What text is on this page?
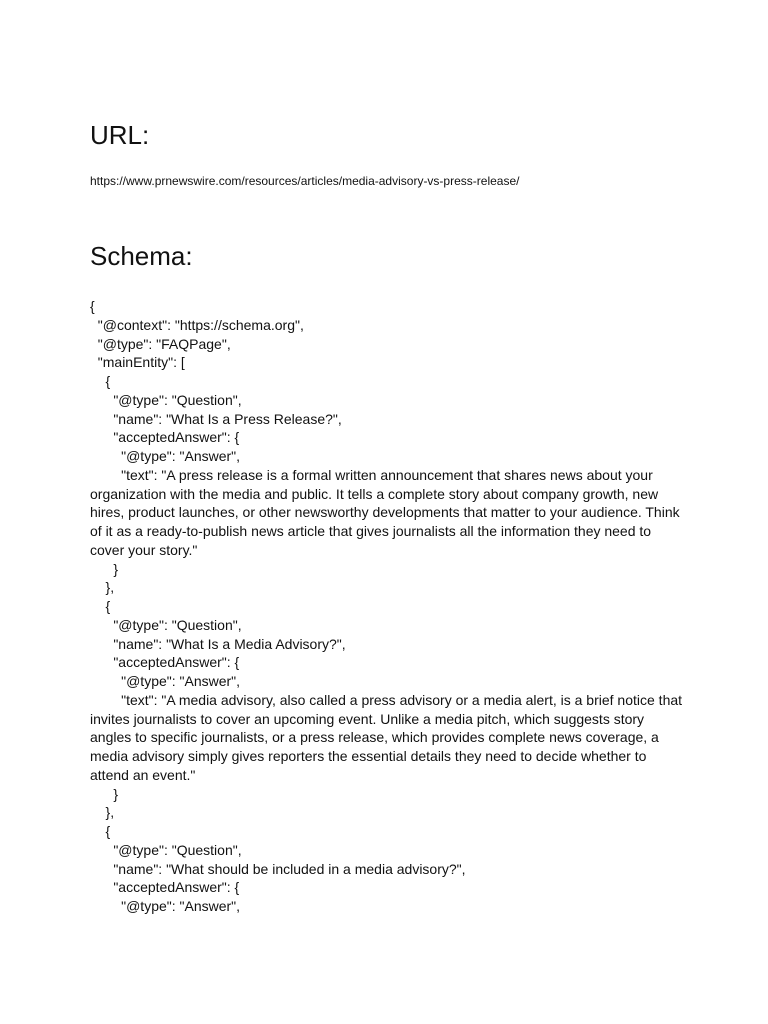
URL:
https://www.prnewswire.com/resources/articles/media-advisory-vs-press-release/
Schema:
{
"@context": "https://schema.org",
"@type": "FAQPage",
"mainEntity": [
{
"@type": "Question",
"name": "What Is a Press Release?",
"acceptedAnswer": {
"@type": "Answer",
"text": "A press release is a formal written announcement that shares news about your organization with the media and public. It tells a complete story about company growth, new hires, product launches, or other newsworthy developments that matter to your audience. Think of it as a ready-to-publish news article that gives journalists all the information they need to cover your story."
}
},
{
"@type": "Question",
"name": "What Is a Media Advisory?",
"acceptedAnswer": {
"@type": "Answer",
"text": "A media advisory, also called a press advisory or a media alert, is a brief notice that invites journalists to cover an upcoming event. Unlike a media pitch, which suggests story angles to specific journalists, or a press release, which provides complete news coverage, a media advisory simply gives reporters the essential details they need to decide whether to attend an event."
}
},
{
"@type": "Question",
"name": "What should be included in a media advisory?",
"acceptedAnswer": {
"@type": "Answer",
